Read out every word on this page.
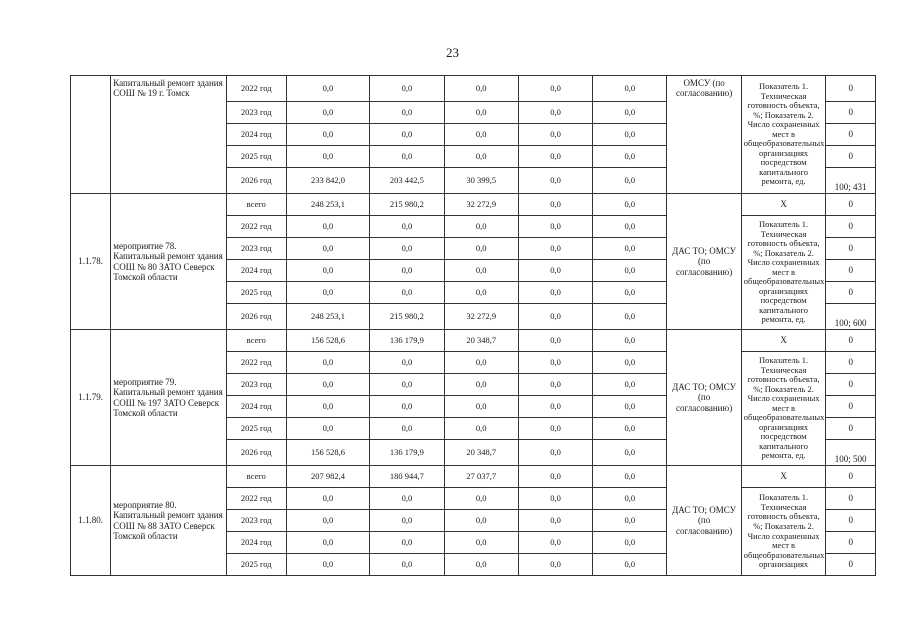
23
	Капитальный ремонт здания СОШ № 19 г. Томск	2022 год	0,0	0,0	0,0	0,0	0,0	ОМСУ (по согласованию)	Показатель 1. Техническая готовность объекта, %; Показатель 2. Число сохраненных мест в общеобразовательных организациях посредством капитального ремонта, ед.	0
		2023 год	0,0	0,0	0,0	0,0	0,0			0
		2024 год	0,0	0,0	0,0	0,0	0,0			0
		2025 год	0,0	0,0	0,0	0,0	0,0			0
		2026 год	233 842,0	203 442,5	30 399,5	0,0	0,0			100; 431
1.1.78.	мероприятие 78. Капитальный ремонт здания СОШ № 80 ЗАТО Северск Томской области	всего	248 253,1	215 980,2	32 272,9	0,0	0,0	ДАС ТО; ОМСУ (по согласованию)	Х	0
		2022 год	0,0	0,0	0,0	0,0	0,0		Показатель 1. Техническая готовность объекта, %; Показатель 2. Число сохраненных мест в общеобразовательных организациях посредством капитального ремонта, ед.	0
		2023 год	0,0	0,0	0,0	0,0	0,0			0
		2024 год	0,0	0,0	0,0	0,0	0,0			0
		2025 год	0,0	0,0	0,0	0,0	0,0			0
		2026 год	248 253,1	215 980,2	32 272,9	0,0	0,0			100; 600
1.1.79.	мероприятие 79. Капитальный ремонт здания СОШ № 197 ЗАТО Северск Томской области	всего	156 528,6	136 179,9	20 348,7	0,0	0,0	ДАС ТО; ОМСУ (по согласованию)	Х	0
		2022 год	0,0	0,0	0,0	0,0	0,0		Показатель 1. Техническая готовность объекта, %; Показатель 2. Число сохраненных мест в общеобразовательных организациях посредством капитального ремонта, ед.	0
		2023 год	0,0	0,0	0,0	0,0	0,0			0
		2024 год	0,0	0,0	0,0	0,0	0,0			0
		2025 год	0,0	0,0	0,0	0,0	0,0			0
		2026 год	156 528,6	136 179,9	20 348,7	0,0	0,0			100; 500
1.1.80.	мероприятие 80. Капитальный ремонт здания СОШ № 88 ЗАТО Северск Томской области	всего	207 982,4	180 944,7	27 037,7	0,0	0,0	ДАС ТО; ОМСУ (по согласованию)	Х	0
		2022 год	0,0	0,0	0,0	0,0	0,0		Показатель 1. Техническая готовность объекта, %; Показатель 2. Число сохраненных мест в общеобразовательных организациях	0
		2023 год	0,0	0,0	0,0	0,0	0,0			0
		2024 год	0,0	0,0	0,0	0,0	0,0			0
		2025 год	0,0	0,0	0,0	0,0	0,0			0
